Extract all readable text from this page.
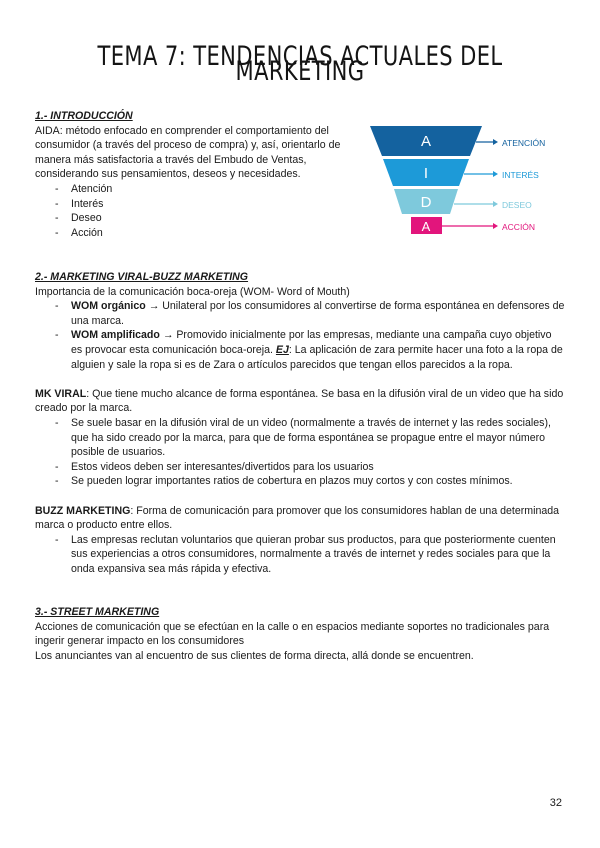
TEMA 7: TENDENCIAS ACTUALES DEL MARKETING

1.- INTRODUCCIÓN

AIDA: método enfocado en comprender el comportamiento del consumidor (a través del proceso de compra) y, así, orientarlo de manera más satisfactoria a través del Embudo de Ventas, considerando sus pensamientos, deseos y necesidades.

- Atención
- Interés
- Deseo
- Acción
A
I
D
A
ATENCIÓN
INTERÉS
DESEO
ACCIÓN

2.- MARKETING VIRAL-BUZZ MARKETING

Importancia de la comunicación boca-oreja (WOM- Word of Mouth)

- WOM orgánico → Unilateral por los consumidores al convertirse de forma espontánea en defensores de una marca.
- WOM amplificado → Promovido inicialmente por las empresas, mediante una campaña cuyo objetivo es provocar esta comunicación boca-oreja. EJ: La aplicación de zara permite hacer una foto a la ropa de alguien y sale la ropa si es de Zara o artículos parecidos que tengan ellos parecidos a la ropa.

MK VIRAL: Que tiene mucho alcance de forma espontánea. Se basa en la difusión viral de un video que ha sido creado por la marca.

- Se suele basar en la difusión viral de un video (normalmente a través de internet y las redes sociales), que ha sido creado por la marca, para que de forma espontánea se propague entre el mayor número posible de usuarios.
- Estos videos deben ser interesantes/divertidos para los usuarios
- Se pueden lograr importantes ratios de cobertura en plazos muy cortos y con costes mínimos.

BUZZ MARKETING: Forma de comunicación para promover que los consumidores hablan de una determinada marca o producto entre ellos.

- Las empresas reclutan voluntarios que quieran probar sus productos, para que posteriormente cuenten sus experiencias a otros consumidores, normalmente a través de internet y redes sociales para que la onda expansiva sea más rápida y efectiva.

3.- STREET MARKETING

Acciones de comunicación que se efectúan en la calle o en espacios mediante soportes no tradicionales para ingerir generar impacto en los consumidores

Los anunciantes van al encuentro de sus clientes de forma directa, allá donde se encuentren.

32
